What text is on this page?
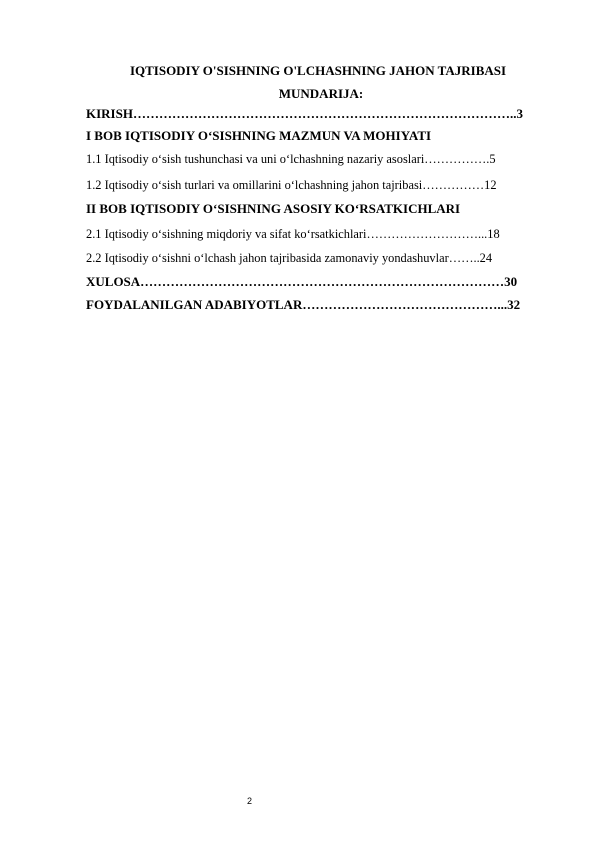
IQTISODIY O'SISHNING O'LCHASHNING JAHON TAJRIBASI
MUNDARIJA:
KIRISH……………………………………………………………………………..3
I BOB IQTISODIY O‘SISHNING MAZMUN VA MOHIYATI
1.1 Iqtisodiy o‘sish tushunchasi va uni o‘lchashning nazariy asoslari…………….5
1.2 Iqtisodiy o‘sish turlari va omillarini o‘lchashning jahon tajribasi……………12
II BOB IQTISODIY O‘SISHNING ASOSIY KO‘RSATKICHLARI
2.1 Iqtisodiy o‘sishning miqdoriy va sifat ko‘rsatkichlari………………………...18
2.2 Iqtisodiy o‘sishni o‘lchash jahon tajribasida zamonaviy yondashuvlar……..24
XULOSA…………………………………………………………………………30
FOYDALANILGAN ADABIYOTLAR………………………………………...32
2
